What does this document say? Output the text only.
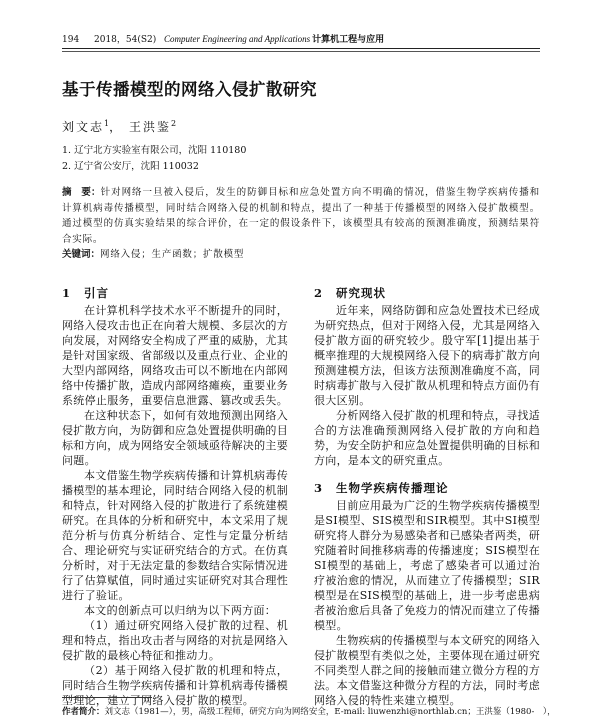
194	2018，54(S2) Computer Engineering and Applications 计算机工程与应用
基于传播模型的网络入侵扩散研究
刘文志$^1$， 王洪鉴$^2$
1. 辽宁北方实验室有限公司，沈阳 110180
2. 辽宁省公安厅，沈阳 110032
摘　要：针对网络一旦被入侵后，发生的防御目标和应急处置方向不明确的情况，借鉴生物学疾病传播和计算机病毒传播模型，同时结合网络入侵的机制和特点，提出了一种基于传播模型的网络入侵扩散模型。通过模型的仿真实验结果的综合评价，在一定的假设条件下，该模型具有较高的预测准确度，预测结果符合实际。
关键词：网络入侵；生产函数；扩散模型
1 引言

在计算机科学技术水平不断提升的同时，网络入侵攻击也正在向着大规模、多层次的方向发展，对网络安全构成了严重的威胁，尤其是针对国家级、省部级以及重点行业、企业的大型内部网络，网络攻击可以不断地在内部网络中传播扩散，造成内部网络瘫痪，重要业务系统停止服务，重要信息泄露、篡改或丢失。

在这种状态下，如何有效地预测出网络入侵扩散方向，为防御和应急处置提供明确的目标和方向，成为网络安全领域亟待解决的主要问题。

本文借鉴生物学疾病传播和计算机病毒传播模型的基本理论，同时结合网络入侵的机制和特点，针对网络入侵的扩散进行了系统建模研究。在具体的分析和研究中，本文采用了规范分析与仿真分析结合、定性与定量分析结合、理论研究与实证研究结合的方式。在仿真分析时，对于无法定量的参数结合实际情况进行了估算赋值，同时通过实证研究对其合理性进行了验证。

本文的创新点可以归纳为以下两方面：

（1）通过研究网络入侵扩散的过程、机理和特点，指出攻击者与网络的对抗是网络入侵扩散的最核心特征和推动力。

（2）基于网络入侵扩散的机理和特点，同时结合生物学疾病传播和计算机病毒传播模型理论，建立了网络入侵扩散的模型。

2 研究现状

近年来，网络防御和应急处置技术已经成为研究热点，但对于网络入侵，尤其是网络入侵扩散方面的研究较少。殷守军[1]提出基于概率推理的大规模网络入侵下的病毒扩散方向预测建模方法，但该方法预测准确度不高，同时病毒扩散与入侵扩散从机理和特点方面仍有很大区别。

分析网络入侵扩散的机理和特点，寻找适合的方法准确预测网络入侵扩散的方向和趋势，为安全防护和应急处置提供明确的目标和方向，是本文的研究重点。

3 生物学疾病传播理论

目前应用最为广泛的生物学疾病传播模型是SI模型、SIS模型和SIR模型。其中SI模型研究将人群分为易感染者和已感染者两类，研究随着时间推移病毒的传播速度；SIS模型在SI模型的基础上，考虑了感染者可以通过治疗被治愈的情况，从而建立了传播模型；SIR模型是在SIS模型的基础上，进一步考虑患病者被治愈后具备了免疫力的情况而建立了传播模型。

生物疾病的传播模型与本文研究的网络入侵扩散模型有类似之处，主要体现在通过研究不同类型人群之间的接触而建立微分方程的方法。本文借鉴这种微分方程的方法，同时考虑网络入侵的特性来建立模型。

作者简介：刘文志（1981—），男，高级工程师，研究方向为网络安全，E-mail: liuwenzhi@northlab.cn；王洪鉴（1980-　），
